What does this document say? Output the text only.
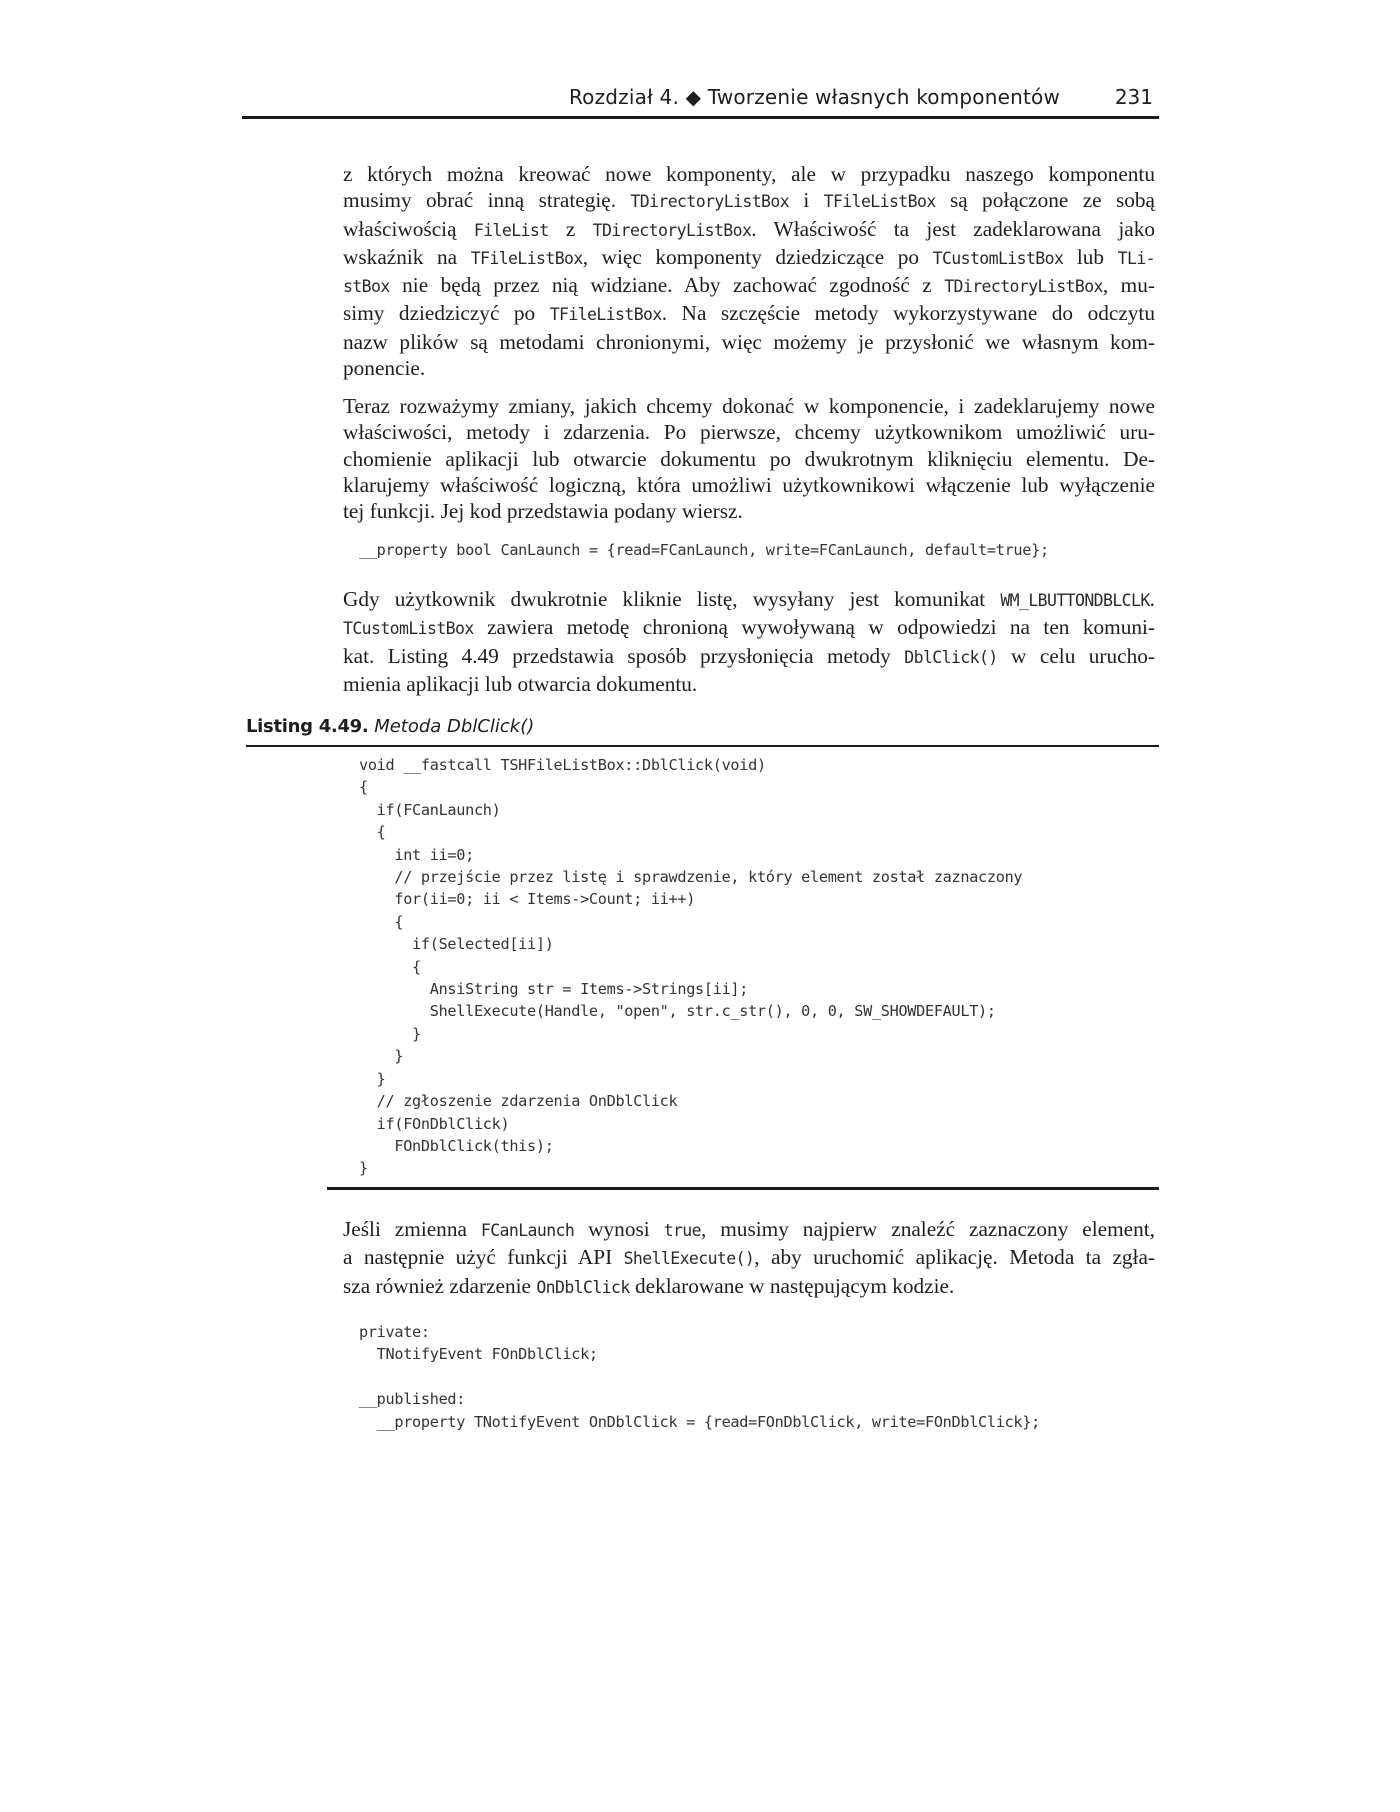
Rozdział 4. ◆ Tworzenie własnych komponentów	231
z których można kreować nowe komponenty, ale w przypadku naszego komponentu
musimy obrać inną strategię. TDirectoryListBox i TFileListBox są połączone ze sobą
właściwością FileList z TDirectoryListBox. Właściwość ta jest zadeklarowana jako
wskaźnik na TFileListBox, więc komponenty dziedziczące po TCustomListBox lub TLi-
stBox nie będą przez nią widziane. Aby zachować zgodność z TDirectoryListBox, mu-
simy dziedziczyć po TFileListBox. Na szczęście metody wykorzystywane do odczytu
nazw plików są metodami chronionymi, więc możemy je przysłonić we własnym kom-
ponencie.
Teraz rozważymy zmiany, jakich chcemy dokonać w komponencie, i zadeklarujemy nowe
właściwości, metody i zdarzenia. Po pierwsze, chcemy użytkownikom umożliwić uru-
chomienie aplikacji lub otwarcie dokumentu po dwukrotnym kliknięciu elementu. De-
klarujemy właściwość logiczną, która umożliwi użytkownikowi włączenie lub wyłączenie
tej funkcji. Jej kod przedstawia podany wiersz.
__property bool CanLaunch = {read=FCanLaunch, write=FCanLaunch, default=true};
Gdy użytkownik dwukrotnie kliknie listę, wysyłany jest komunikat WM_LBUTTONDBLCLK.
TCustomListBox zawiera metodę chronioną wywoływaną w odpowiedzi na ten komuni-
kat. Listing 4.49 przedstawia sposób przysłonięcia metody DblClick() w celu urucho-
mienia aplikacji lub otwarcia dokumentu.
Listing 4.49. Metoda DblClick()
void __fastcall TSHFileListBox::DblClick(void)
{
if(FCanLaunch)
{
int ii=0;
// przejście przez listę i sprawdzenie, który element został zaznaczony
for(ii=0; ii < Items->Count; ii++)
{
if(Selected[ii])
{
AnsiString str = Items->Strings[ii];
ShellExecute(Handle, "open", str.c_str(), 0, 0, SW_SHOWDEFAULT);
}
}
}
// zgłoszenie zdarzenia OnDblClick
if(FOnDblClick)
FOnDblClick(this);
}
Jeśli zmienna FCanLaunch wynosi true, musimy najpierw znaleźć zaznaczony element,
a następnie użyć funkcji API ShellExecute(), aby uruchomić aplikację. Metoda ta zgła-
sza również zdarzenie OnDblClick deklarowane w następującym kodzie.
private:
TNotifyEvent FOnDblClick;

__published:
__property TNotifyEvent OnDblClick = {read=FOnDblClick, write=FOnDblClick};
